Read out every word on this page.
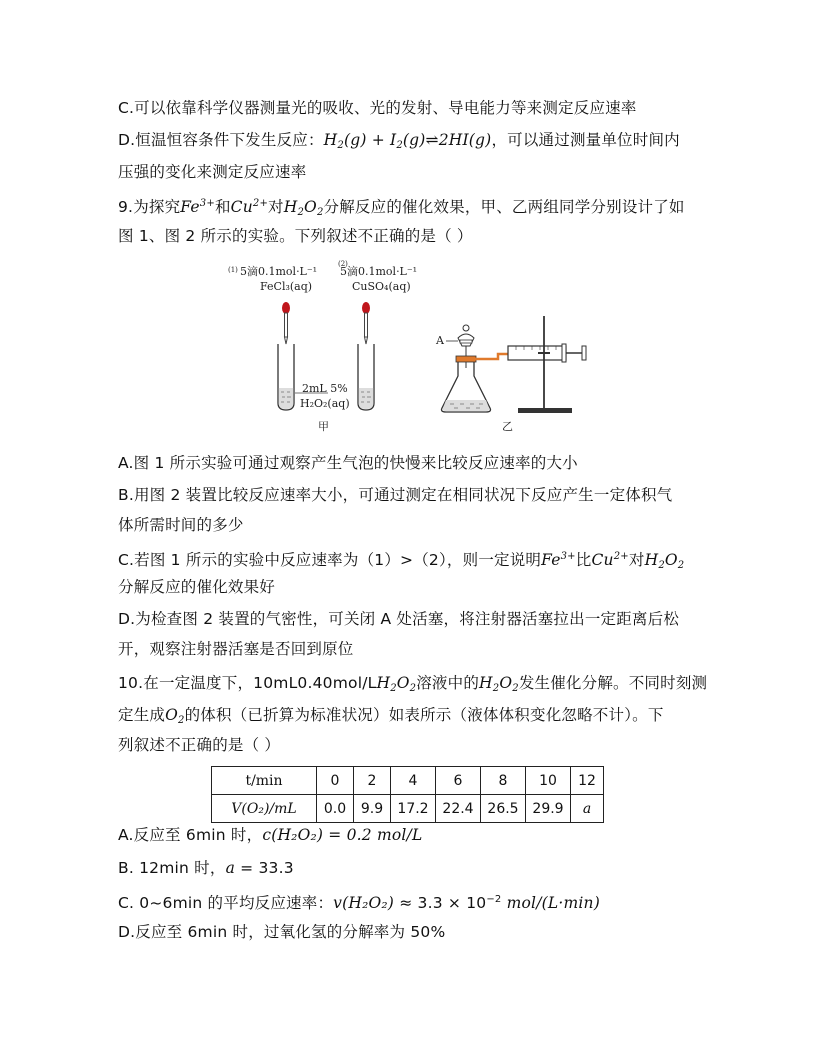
C.可以依靠科学仪器测量光的吸收、光的发射、导电能力等来测定反应速率
D.恒温恒容条件下发生反应：$H_2(g)$ + $I_2(g)\rightleftharpoons 2HI(g)$，可以通过测量单位时间内
压强的变化来测定反应速率
9.为探究$Fe^{3+}$和$Cu^{2+}$对$H_2O_2$分解反应的催化效果，甲、乙两组同学分别设计了如
图 1、图 2 所示的实验。下列叙述不正确的是（ ）
(1) 5滴0.1mol·L⁻¹
FeCl₃(aq)
(2)
5滴0.1mol·L⁻¹
CuSO₄(aq)
2mL 5%
H₂O₂(aq)
甲
A
乙
A.图 1 所示实验可通过观察产生气泡的快慢来比较反应速率的大小
B.用图 2 装置比较反应速率大小，可通过测定在相同状况下反应产生一定体积气
体所需时间的多少
C.若图 1 所示的实验中反应速率为（1）>（2），则一定说明$Fe^{3+}$比$Cu^{2+}$对$H_2O_2$
分解反应的催化效果好
D.为检查图 2 装置的气密性，可关闭 A 处活塞，将注射器活塞拉出一定距离后松
开，观察注射器活塞是否回到原位
10.在一定温度下，$10mL0.40mol/LH_2O_2$溶液中的$H_2O_2$发生催化分解。不同时刻测
定生成$O_2$的体积（已折算为标准状况）如表所示（液体体积变化忽略不计）。下
列叙述不正确的是（ ）
t/min	0	2	4	6	8	10	12
V(O₂)/mL	0.0	9.9	17.2	22.4	26.5	29.9	a
A.反应至 6min 时，c(H₂O₂) = 0.2 mol/L
B. 12min 时，a = 33.3
C. 0~6min 的平均反应速率：$v(H_2O_2) \approx 3.3 \times 10^{-2}$ mol/(L·min)
D.反应至 6min 时，过氧化氢的分解率为 50%
